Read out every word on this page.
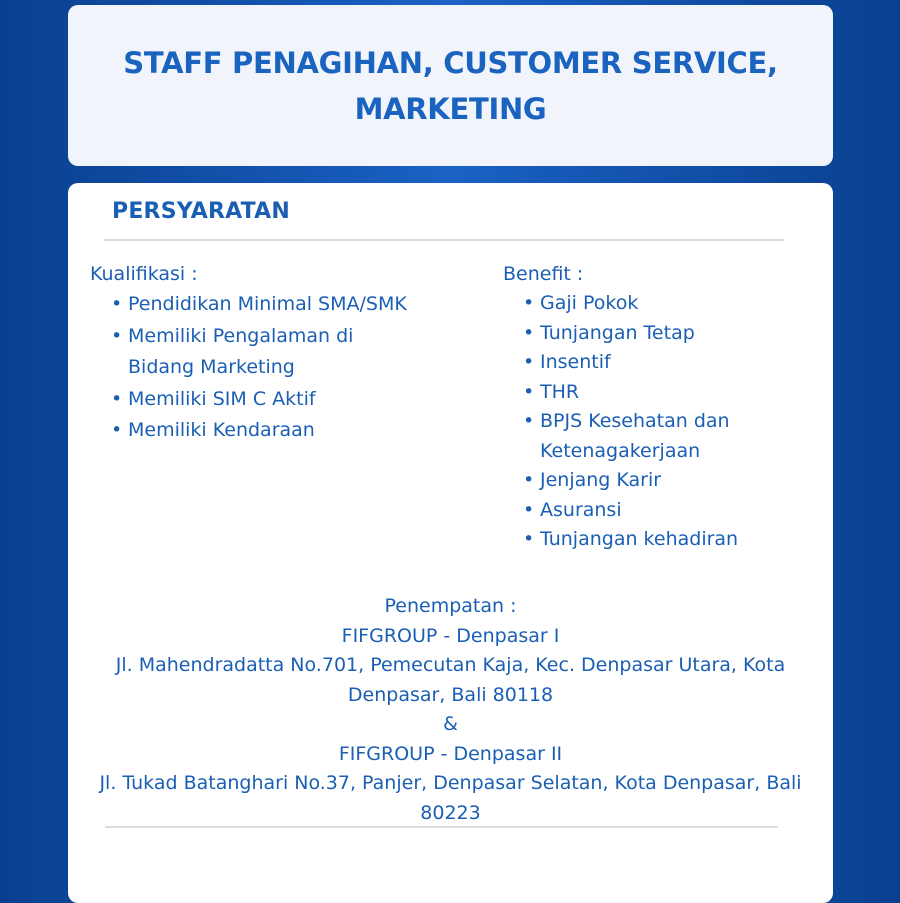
STAFF PENAGIHAN, CUSTOMER SERVICE, MARKETING
PERSYARATAN

Kualifikasi :

• Pendidikan Minimal SMA/SMK
• Memiliki Pengalaman di Bidang Marketing
• Memiliki SIM C Aktif
• Memiliki Kendaraan

Benefit :

• Gaji Pokok
• Tunjangan Tetap
• Insentif
• THR
• BPJS Kesehatan dan Ketenagakerjaan
• Jenjang Karir
• Asuransi
• Tunjangan kehadiran

Penempatan :

FIFGROUP - Denpasar I

Jl. Mahendradatta No.701, Pemecutan Kaja, Kec. Denpasar Utara, Kota Denpasar, Bali 80118

&

FIFGROUP - Denpasar II

Jl. Tukad Batanghari No.37, Panjer, Denpasar Selatan, Kota Denpasar, Bali 80223
